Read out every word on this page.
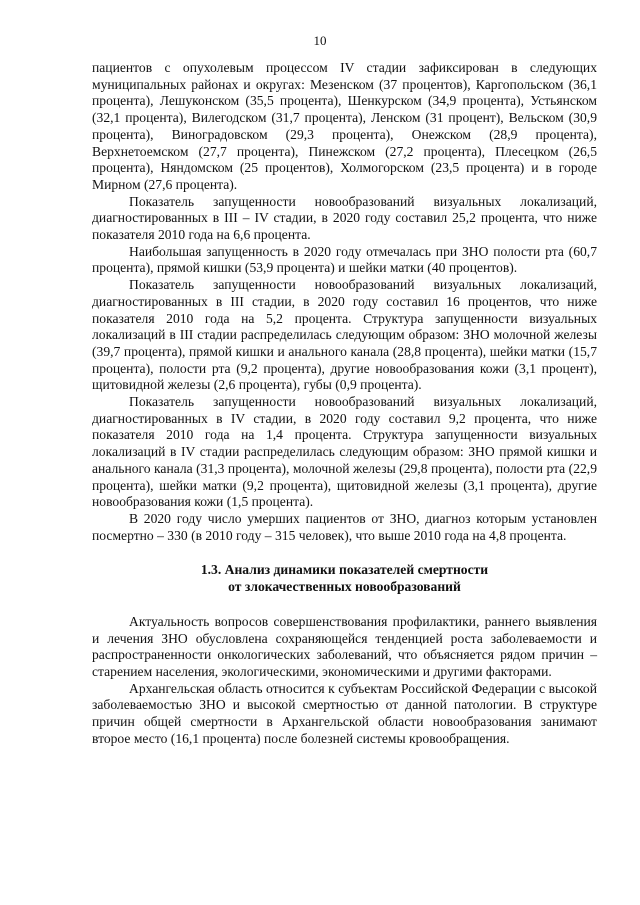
10

пациентов с опухолевым процессом IV стадии зафиксирован в следующих муниципальных районах и округах: Мезенском (37 процентов), Каргопольском (36,1 процента), Лешуконском (35,5 процента), Шенкурском (34,9 процента), Устьянском (32,1 процента), Вилегодском (31,7 процента), Ленском (31 процент), Вельском (30,9 процента), Виноградовском (29,3 процента), Онежском (28,9 процента), Верхнетоемском (27,7 процента), Пинежском (27,2 процента), Плесецком (26,5 процента), Няндомском (25 процентов), Холмогорском (23,5 процента) и в городе Мирном (27,6 процента).

Показатель запущенности новообразований визуальных локализаций, диагностированных в III – IV стадии, в 2020 году составил 25,2 процента, что ниже показателя 2010 года на 6,6 процента.

Наибольшая запущенность в 2020 году отмечалась при ЗНО полости рта (60,7 процента), прямой кишки (53,9 процента) и шейки матки (40 процентов).

Показатель запущенности новообразований визуальных локализаций, диагностированных в III стадии, в 2020 году составил 16 процентов, что ниже показателя 2010 года на 5,2 процента. Структура запущенности визуальных локализаций в III стадии распределилась следующим образом: ЗНО молочной железы (39,7 процента), прямой кишки и анального канала (28,8 процента), шейки матки (15,7 процента), полости рта (9,2 процента), другие новообразования кожи (3,1 процент), щитовидной железы (2,6 процента), губы (0,9 процента).

Показатель запущенности новообразований визуальных локализаций, диагностированных в IV стадии, в 2020 году составил 9,2 процента, что ниже показателя 2010 года на 1,4 процента. Структура запущенности визуальных локализаций в IV стадии распределилась следующим образом: ЗНО прямой кишки и анального канала (31,3 процента), молочной железы (29,8 процента), полости рта (22,9 процента), шейки матки (9,2 процента), щитовидной железы (3,1 процента), другие новообразования кожи (1,5 процента).

В 2020 году число умерших пациентов от ЗНО, диагноз которым установлен посмертно – 330 (в 2010 году – 315 человек), что выше 2010 года на 4,8 процента.

1.3. Анализ динамики показателей смертности
от злокачественных новообразований

Актуальность вопросов совершенствования профилактики, раннего выявления и лечения ЗНО обусловлена сохраняющейся тенденцией роста заболеваемости и распространенности онкологических заболеваний, что объясняется рядом причин – старением населения, экологическими, экономическими и другими факторами.

Архангельская область относится к субъектам Российской Федерации с высокой заболеваемостью ЗНО и высокой смертностью от данной патологии. В структуре причин общей смертности в Архангельской области новообразования занимают второе место (16,1 процента) после болезней системы кровообращения.
